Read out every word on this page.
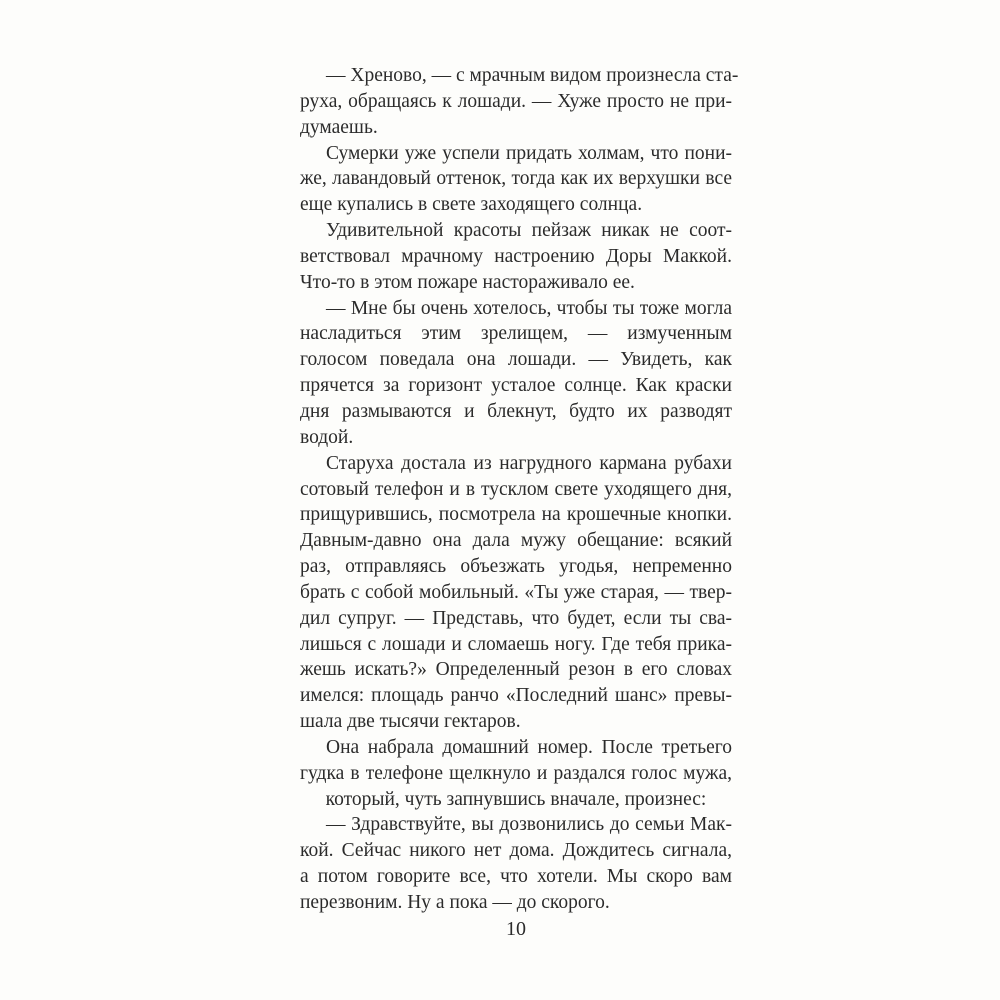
— Хреново, — с мрачным видом произнесла ста-
руха, обращаясь к лошади. — Хуже просто не при-
думаешь.
Сумерки уже успели придать холмам, что пони-
же, лавандовый оттенок, тогда как их верхушки все
еще купались в свете заходящего солнца.
Удивительной красоты пейзаж никак не соот-
ветствовал мрачному настроению Доры Маккой.
Что-то в этом пожаре настораживало ее.
— Мне бы очень хотелось, чтобы ты тоже могла
насладиться этим зрелищем, — измученным
голосом поведала она лошади. — Увидеть, как
прячется за горизонт усталое солнце. Как краски
дня размываются и блекнут, будто их разводят
водой.
Старуха достала из нагрудного кармана рубахи
сотовый телефон и в тусклом свете уходящего дня,
прищурившись, посмотрела на крошечные кнопки.
Давным-давно она дала мужу обещание: всякий
раз, отправляясь объезжать угодья, непременно
брать с собой мобильный. «Ты уже старая, — твер-
дил супруг. — Представь, что будет, если ты сва-
лишься с лошади и сломаешь ногу. Где тебя прика-
жешь искать?» Определенный резон в его словах
имелся: площадь ранчо «Последний шанс» превы-
шала две тысячи гектаров.
Она набрала домашний номер. После третьего
гудка в телефоне щелкнуло и раздался голос мужа,
который, чуть запнувшись вначале, произнес:
— Здравствуйте, вы дозвонились до семьи Мак-
кой. Сейчас никого нет дома. Дождитесь сигнала,
а потом говорите все, что хотели. Мы скоро вам
перезвоним. Ну а пока — до скорого.
10
